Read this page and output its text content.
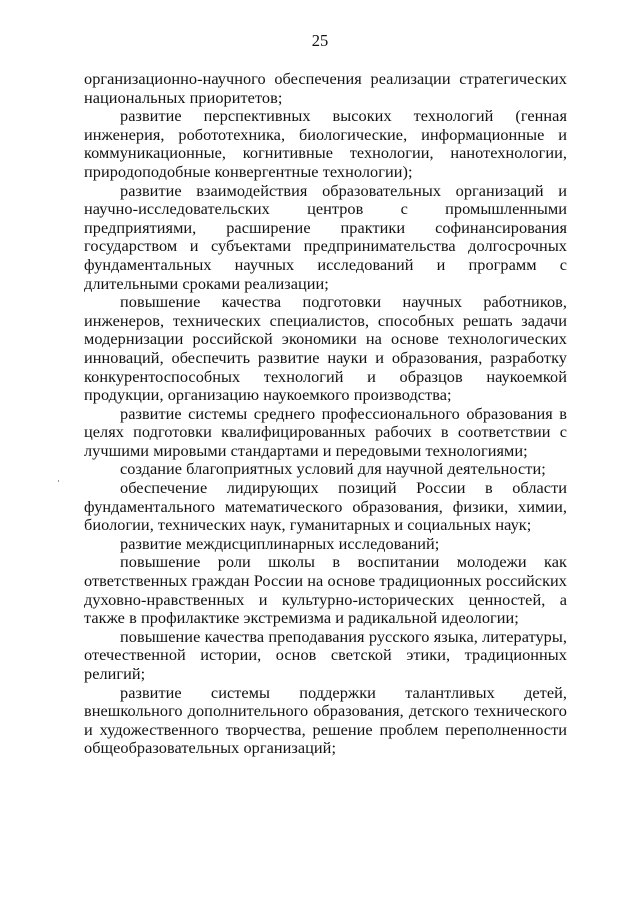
25

организационно-научного обеспечения реализации стратегических национальных приоритетов;

развитие перспективных высоких технологий (генная инженерия, робототехника, биологические, информационные и коммуникационные, когнитивные технологии, нанотехнологии, природоподобные конвергентные технологии);

развитие взаимодействия образовательных организаций и научно-исследовательских центров с промышленными предприятиями, расширение практики софинансирования государством и субъектами предпринимательства долгосрочных фундаментальных научных исследований и программ с длительными сроками реализации;

повышение качества подготовки научных работников, инженеров, технических специалистов, способных решать задачи модернизации российской экономики на основе технологических инноваций, обеспечить развитие науки и образования, разработку конкурентоспособных технологий и образцов наукоемкой продукции, организацию наукоемкого производства;

развитие системы среднего профессионального образования в целях подготовки квалифицированных рабочих в соответствии с лучшими мировыми стандартами и передовыми технологиями;

создание благоприятных условий для научной деятельности;

обеспечение лидирующих позиций России в области фундаментального математического образования, физики, химии, биологии, технических наук, гуманитарных и социальных наук;

развитие междисциплинарных исследований;

повышение роли школы в воспитании молодежи как ответственных граждан России на основе традиционных российских духовно-нравственных и культурно-исторических ценностей, а также в профилактике экстремизма и радикальной идеологии;

повышение качества преподавания русского языка, литературы, отечественной истории, основ светской этики, традиционных религий;

развитие системы поддержки талантливых детей, внешкольного дополнительного образования, детского технического и художественного творчества, решение проблем переполненности общеобразовательных организаций;
